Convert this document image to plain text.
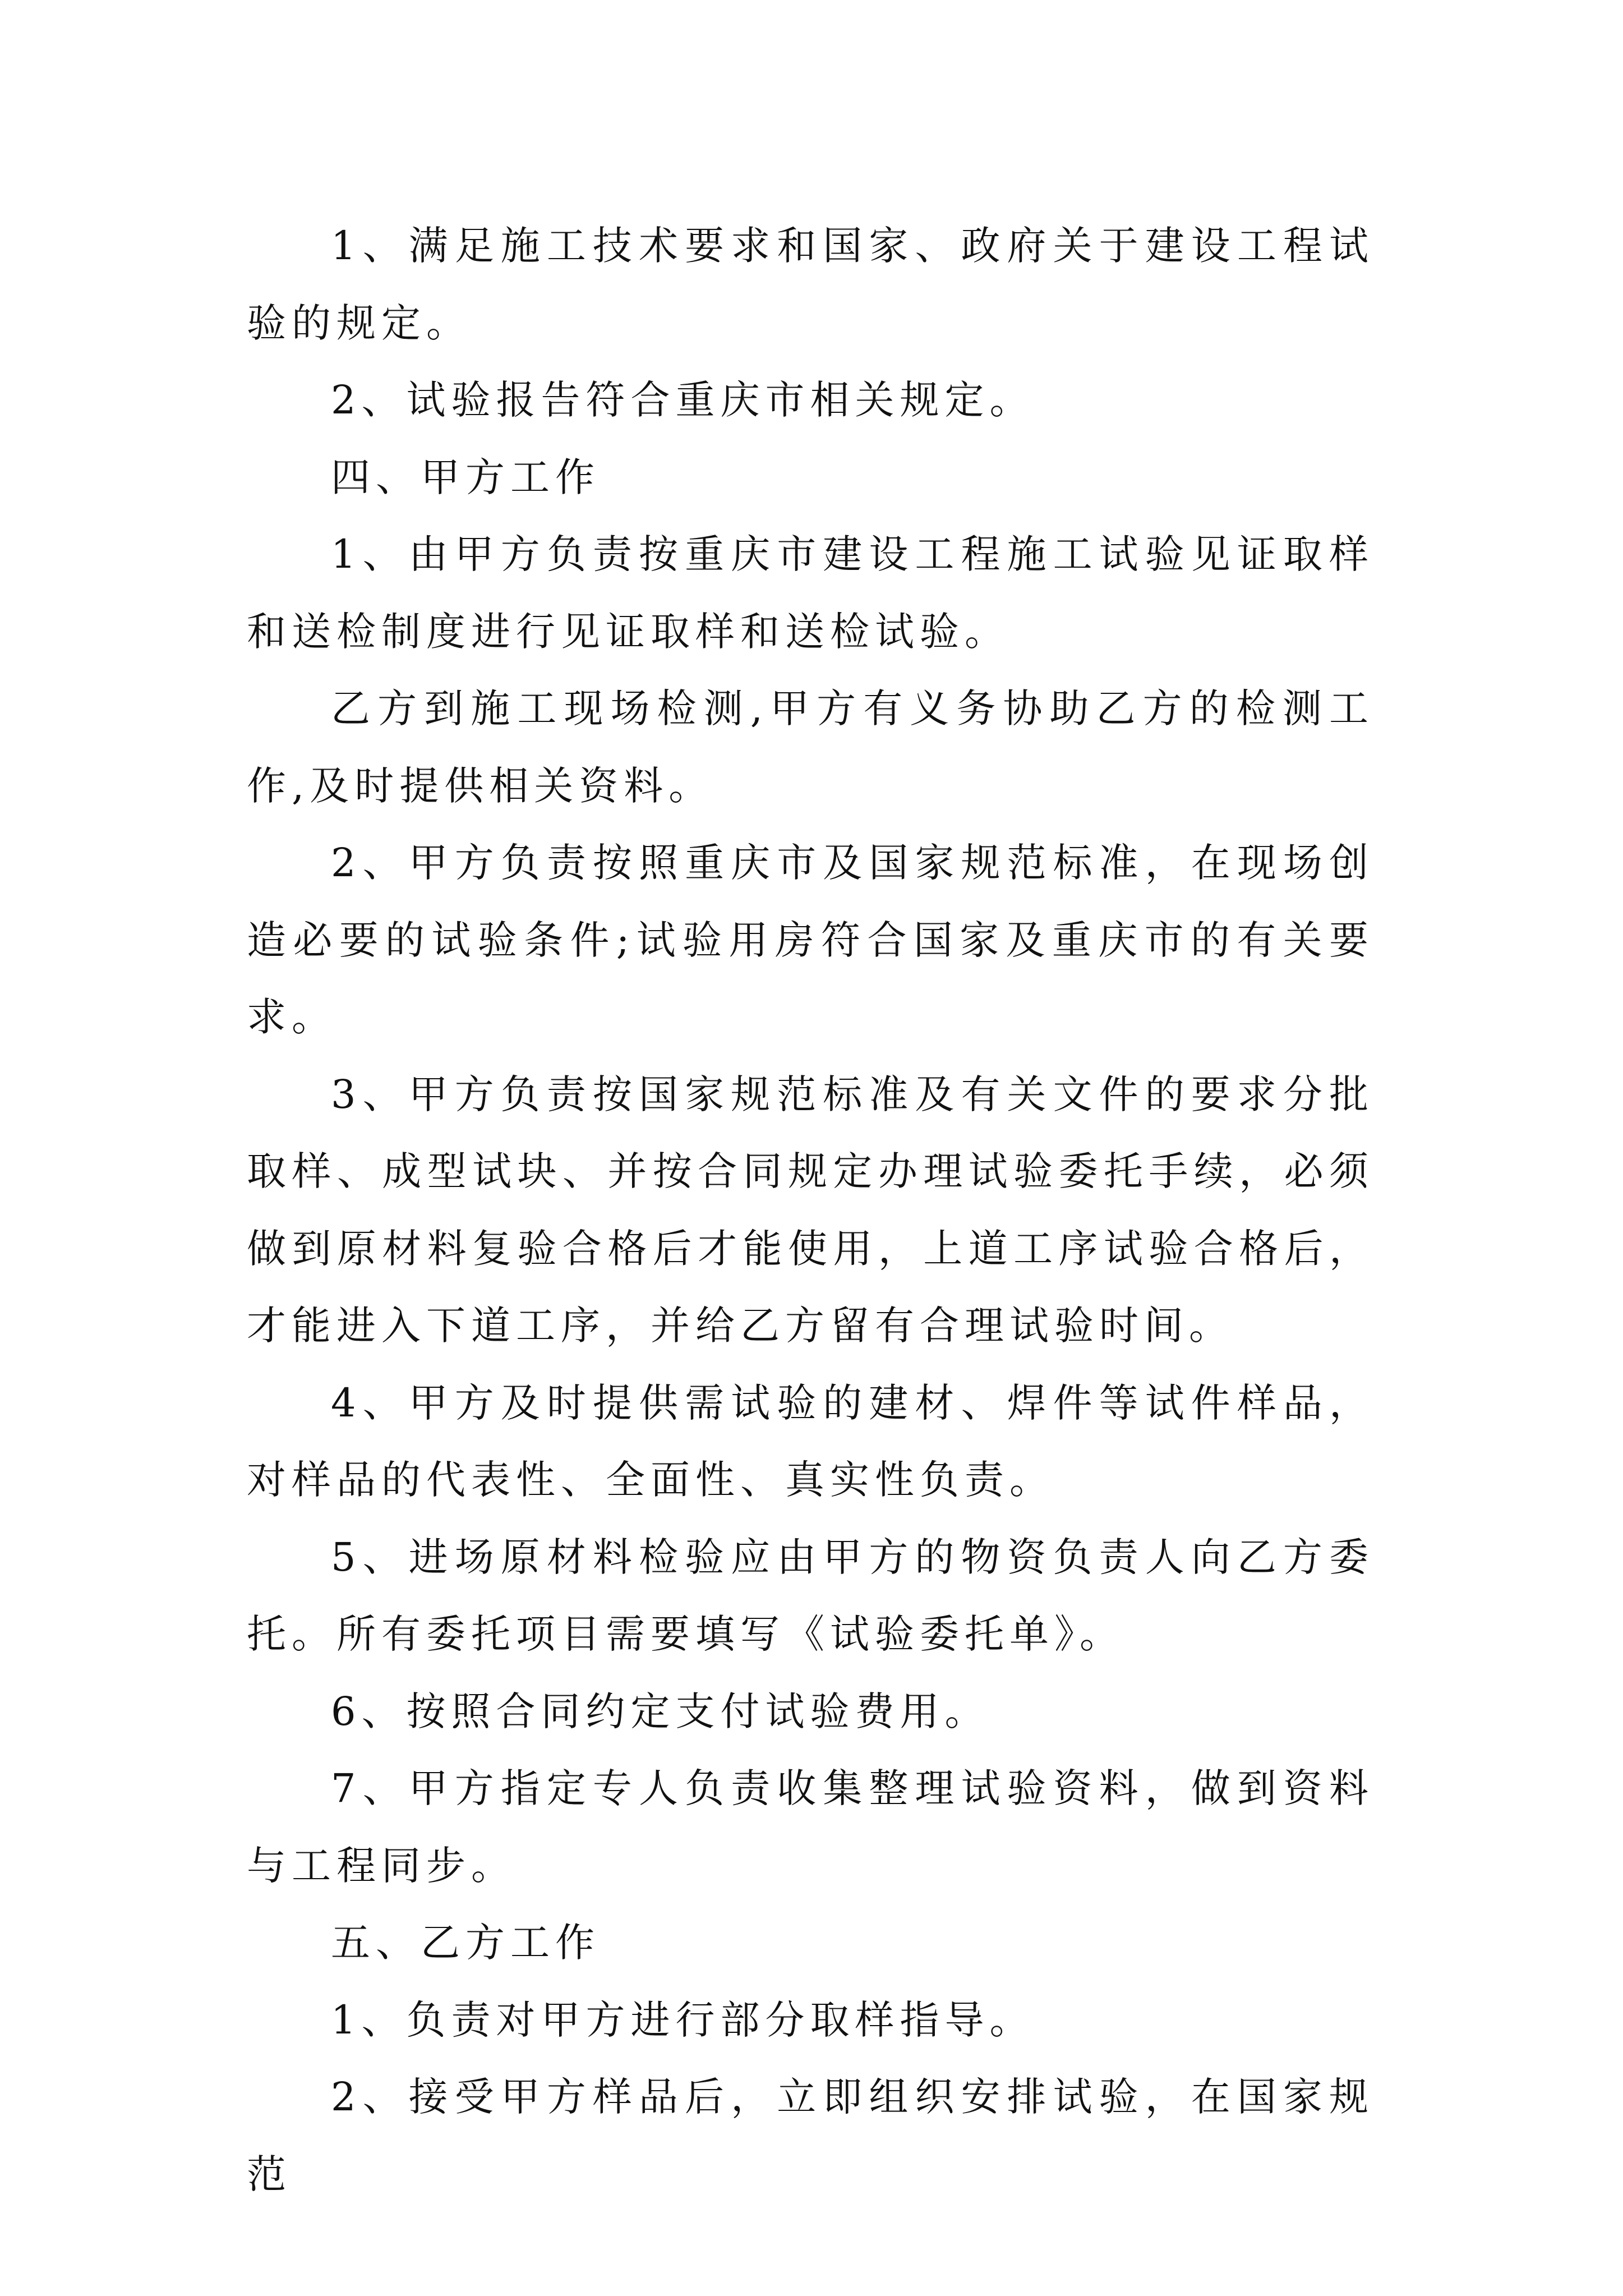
1、满足施工技术要求和国家、政府关于建设工程试验的规定。

2、试验报告符合重庆市相关规定。

四、甲方工作

1、由甲方负责按重庆市建设工程施工试验见证取样和送检制度进行见证取样和送检试验。

乙方到施工现场检测,甲方有义务协助乙方的检测工作,及时提供相关资料。

2、甲方负责按照重庆市及国家规范标准，在现场创造必要的试验条件;试验用房符合国家及重庆市的有关要求。

3、甲方负责按国家规范标准及有关文件的要求分批取样、成型试块、并按合同规定办理试验委托手续，必须做到原材料复验合格后才能使用，上道工序试验合格后，才能进入下道工序，并给乙方留有合理试验时间。

4、甲方及时提供需试验的建材、焊件等试件样品，对样品的代表性、全面性、真实性负责。

5、进场原材料检验应由甲方的物资负责人向乙方委托。所有委托项目需要填写《试验委托单》。

6、按照合同约定支付试验费用。

7、甲方指定专人负责收集整理试验资料，做到资料与工程同步。

五、乙方工作

1、负责对甲方进行部分取样指导。

2、接受甲方样品后，立即组织安排试验，在国家规范
